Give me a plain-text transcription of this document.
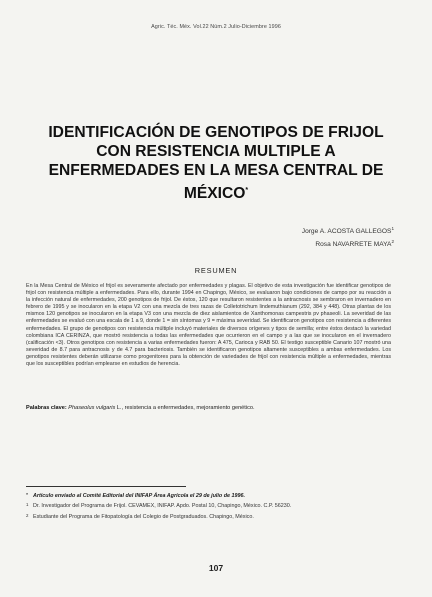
Agric. Téc. Méx. Vol.22 Núm.2 Julio-Diciembre 1996
IDENTIFICACIÓN DE GENOTIPOS DE FRIJOL CON RESISTENCIA MULTIPLE A ENFERMEDADES EN LA MESA CENTRAL DE MÉXICO*
Jorge A. ACOSTA GALLEGOS$^1$
Rosa NAVARRETE MAYA$^2$
RESUMEN

En la Mesa Central de México el frijol es severamente afectado por enfermedades y plagas. El objetivo de esta investigación fue identificar genotipos de frijol con resistencia múltiple a enfermedades. Para ello, durante 1994 en Chapingo, México, se evaluaron bajo condiciones de campo por su reacción a la infección natural de enfermedades, 200 genotipos de frijol. De éstos, 120 que resultaron resistentes a la antracnosis se sembraron en invernadero en febrero de 1995 y se inocularon en la etapa V2 con una mezcla de tres razas de Colletotrichum lindemuthianum (292, 384 y 448). Otras plantas de los mismos 120 genotipos se inocularon en la etapa V3 con una mezcla de diez aislamientos de Xanthomonas campestris pv phaseoli. La severidad de las enfermedades se evaluó con una escala de 1 a 9, donde 1 = sin síntomas y 9 = máxima severidad. Se identificaron genotipos con resistencia a diferentes enfermedades. El grupo de genotipos con resistencia múltiple incluyó materiales de diversos orígenes y tipos de semilla; entre éstos destacó la variedad colombiana ICA CERINZA, que mostró resistencia a todas las enfermedades que ocurrieron en el campo y a las que se inocularon en el invernadero (calificación <3). Otros genotipos con resistencia a varias enfermedades fueron: A 475, Carioca y RAB 50. El testigo susceptible Canario 107 mostró una severidad de 8.7 para antracnosis y de 4.7 para bacteriosis. También se identificaron genotipos altamente susceptibles a ambas enfermedades. Los genotipos resistentes deberán utilizarse como progenitores para la obtención de variedades de frijol con resistencia múltiple a enfermedades, mientras que los susceptibles podrían emplearse en estudios de herencia.

Palabras clave: Phaseolus vulgaris L., resistencia a enfermedades, mejoramiento genético.

* Artículo enviado al Comité Editorial del INIFAP Área Agrícola el 29 de julio de 1996.
1 Dr. Investigador del Programa de Frijol. CEVAMEX, INIFAP. Apdo. Postal 10, Chapingo, México. C.P. 56230.
2 Estudiante del Programa de Fitopatología del Colegio de Postgraduados. Chapingo, México.
107
